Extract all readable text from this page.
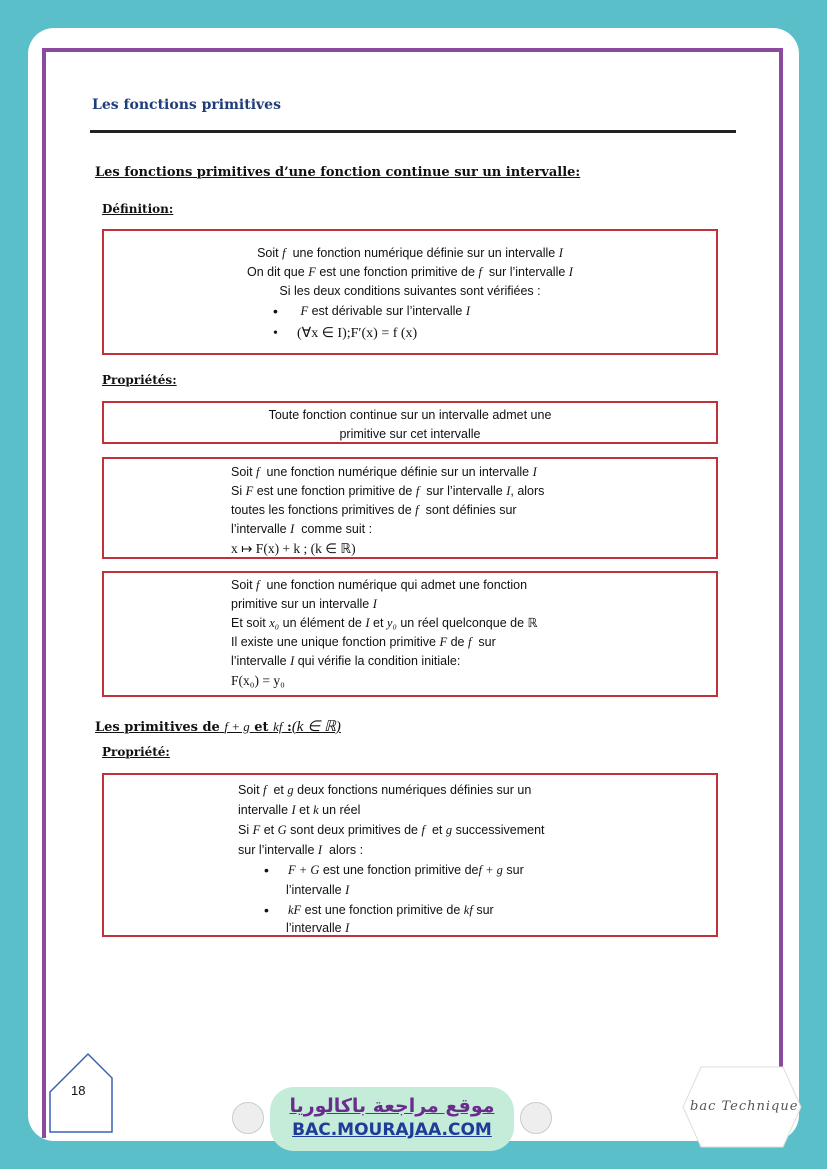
Les fonctions primitives
Les fonctions primitives d’une fonction continue sur un intervalle:
Définition:
Soit f une fonction numérique définie sur un intervalle I
On dit que F est une fonction primitive de f sur l’intervalle I
Si les deux conditions suivantes sont vérifiées :
• F est dérivable sur l’intervalle I
• (∀x ∈ I);F′(x) = f (x)
Propriétés:
Toute fonction continue sur un intervalle admet une
primitive sur cet intervalle
Soit f une fonction numérique définie sur un intervalle I
Si F est une fonction primitive de f sur l’intervalle I, alors
toutes les fonctions primitives de f sont définies sur
l’intervalle I comme suit :
x ↦ F(x) + k ; (k ∈ ℝ)
Soit f une fonction numérique qui admet une fonction
primitive sur un intervalle I
Et soit x₀ un élément de I et y₀ un réel quelconque de ℝ
Il existe une unique fonction primitive F de f sur
l’intervalle I qui vérifie la condition initiale:
F(x₀) = y₀
Les primitives de f + g et kf :(k ∈ ℝ)
Propriété:
Soit f et g deux fonctions numériques définies sur un
intervalle I et k un réel
Si F et G sont deux primitives de f et g successivement
sur l’intervalle I alors :
• F + G est une fonction primitive def + g sur
l’intervalle I
• kF est une fonction primitive de kf sur
l’intervalle I
18
موقع مراجعة باكالوريا
BAC.MOURAJAA.COM
bac Technique
